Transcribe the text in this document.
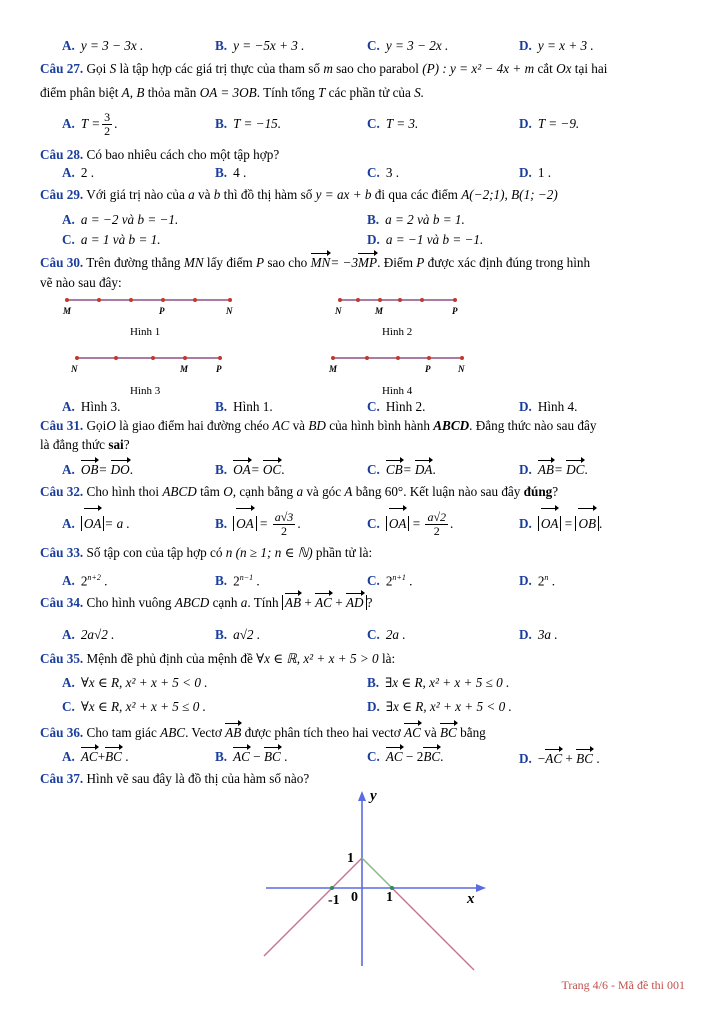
A. y = 3 − 3x .	B. y = −5x + 3 .	C. y = 3 − 2x .	D. y = x + 3 .
Câu 27. Gọi S là tập hợp các giá trị thực của tham số m sao cho parabol (P) : y = x² − 4x + m cắt Ox tại hai
điểm phân biệt A, B thỏa mãn OA = 3OB. Tính tổng T các phần tử của S.
A. $T = \frac{3}{2}$ .	B. T = −15.	C. T = 3.	D. T = −9.
Câu 28. Có bao nhiêu cách cho một tập hợp?
A. 2 .	B. 4 .	C. 3 .	D. 1 .
Câu 29. Với giá trị nào của a và b thì đồ thị hàm số y = ax + b đi qua các điểm A(−2;1), B(1; −2)
A. a = −2 và b = −1.	B. a = 2 và b = 1.
C. a = 1 và b = 1.	D. a = −1 và b = −1.
Câu 30. Trên đường thẳng MN lấy điểm P sao cho MN= −3MP. Điểm P được xác định đúng trong hình
vẽ nào sau đây:
M	P	N
Hình 1
N	M	P
Hình 2
N	M	P
Hình 3
M	P	N
Hình 4
A. Hình 3.	B. Hình 1.	C. Hình 2.	D. Hình 4.
Câu 31. GọiO là giao điểm hai đường chéo AC và BD của hình bình hành ABCD. Đẳng thức nào sau đây
là đẳng thức sai?
A. OB= DO.	B. OA= OC.	C. CB= DA.	D. AB= DC.
Câu 32. Cho hình thoi ABCD tâm O, cạnh bằng a và góc A bằng 60°. Kết luận nào sau đây đúng?
A. OA = a .	B. OA = $\frac{a√3}{2}$ .	C. OA = $\frac{a√2}{2}$ .	D. OA = OB .
Câu 33. Số tập con của tập hợp có n (n ≥ 1; n ∈ ℕ) phần tử là:
A. $2^{n+2}$ .	B. $2^{n-1}$ .	C. $2^{n+1}$ .	D. 2$^n$ .
Câu 34. Cho hình vuông ABCD cạnh a. Tính AB + AC + AD ?
A. 2a√2 .	B. a√2 .	C. 2a .	D. 3a .
Câu 35. Mệnh đề phủ định của mệnh đề ∀x ∈ ℝ, x² + x + 5 > 0 là:
A. ∀x ∈ R, x² + x + 5 < 0 .	B. ∃x ∈ R, x² + x + 5 ≤ 0 .
C. ∀x ∈ R, x² + x + 5 ≤ 0 .	D. ∃x ∈ R, x² + x + 5 < 0 .
Câu 36. Cho tam giác ABC. Vectơ AB được phân tích theo hai vectơ AC và BC bằng
A. AC+BC .	B. AC − BC .	C. AC − 2BC.	D. −AC + BC .
Câu 37. Hình vẽ sau đây là đồ thị của hàm số nào?
y
x
1
-1 0 1
Trang 4/6 - Mã đề thi 001
